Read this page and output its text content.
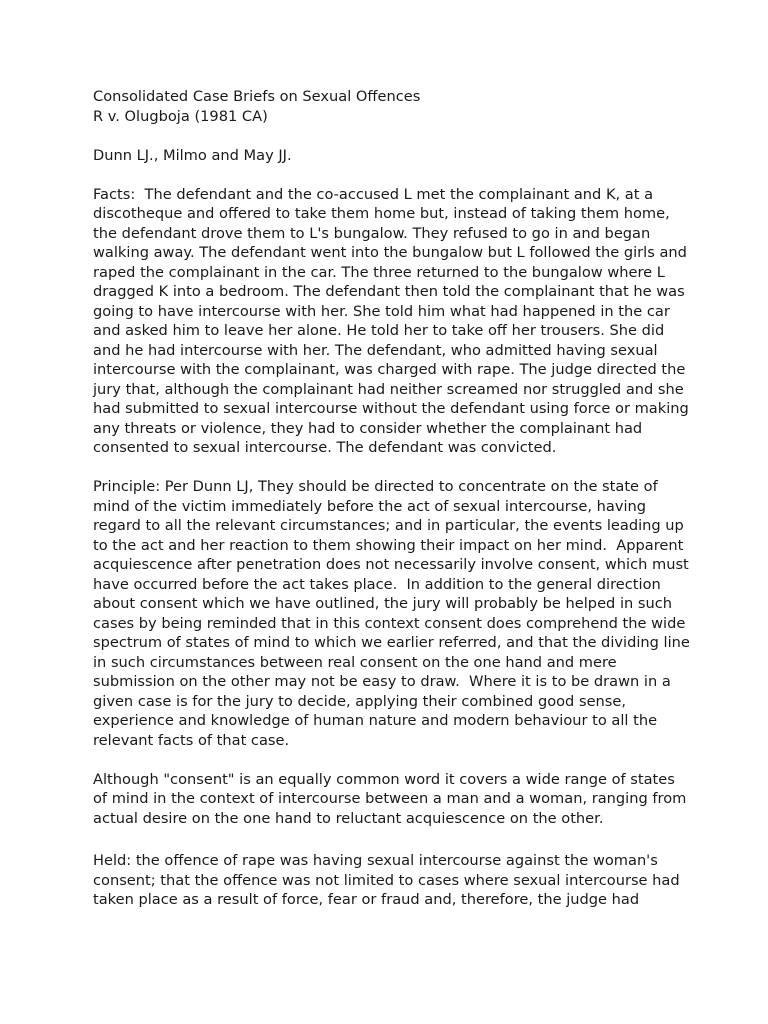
Consolidated Case Briefs on Sexual Offences
R v. Olugboja (1981 CA)
Dunn LJ., Milmo and May JJ.
Facts:  The defendant and the co-accused L met the complainant and K, at a
discotheque and offered to take them home but, instead of taking them home,
the defendant drove them to L's bungalow. They refused to go in and began
walking away. The defendant went into the bungalow but L followed the girls and
raped the complainant in the car. The three returned to the bungalow where L
dragged K into a bedroom. The defendant then told the complainant that he was
going to have intercourse with her. She told him what had happened in the car
and asked him to leave her alone. He told her to take off her trousers. She did
and he had intercourse with her. The defendant, who admitted having sexual
intercourse with the complainant, was charged with rape. The judge directed the
jury that, although the complainant had neither screamed nor struggled and she
had submitted to sexual intercourse without the defendant using force or making
any threats or violence, they had to consider whether the complainant had
consented to sexual intercourse. The defendant was convicted.
Principle: Per Dunn LJ, They should be directed to concentrate on the state of
mind of the victim immediately before the act of sexual intercourse, having
regard to all the relevant circumstances; and in particular, the events leading up
to the act and her reaction to them showing their impact on her mind.  Apparent
acquiescence after penetration does not necessarily involve consent, which must
have occurred before the act takes place.  In addition to the general direction
about consent which we have outlined, the jury will probably be helped in such
cases by being reminded that in this context consent does comprehend the wide
spectrum of states of mind to which we earlier referred, and that the dividing line
in such circumstances between real consent on the one hand and mere
submission on the other may not be easy to draw.  Where it is to be drawn in a
given case is for the jury to decide, applying their combined good sense,
experience and knowledge of human nature and modern behaviour to all the
relevant facts of that case.
Although "consent" is an equally common word it covers a wide range of states
of mind in the context of intercourse between a man and a woman, ranging from
actual desire on the one hand to reluctant acquiescence on the other.
Held: the offence of rape was having sexual intercourse against the woman's
consent; that the offence was not limited to cases where sexual intercourse had
taken place as a result of force, fear or fraud and, therefore, the judge had
